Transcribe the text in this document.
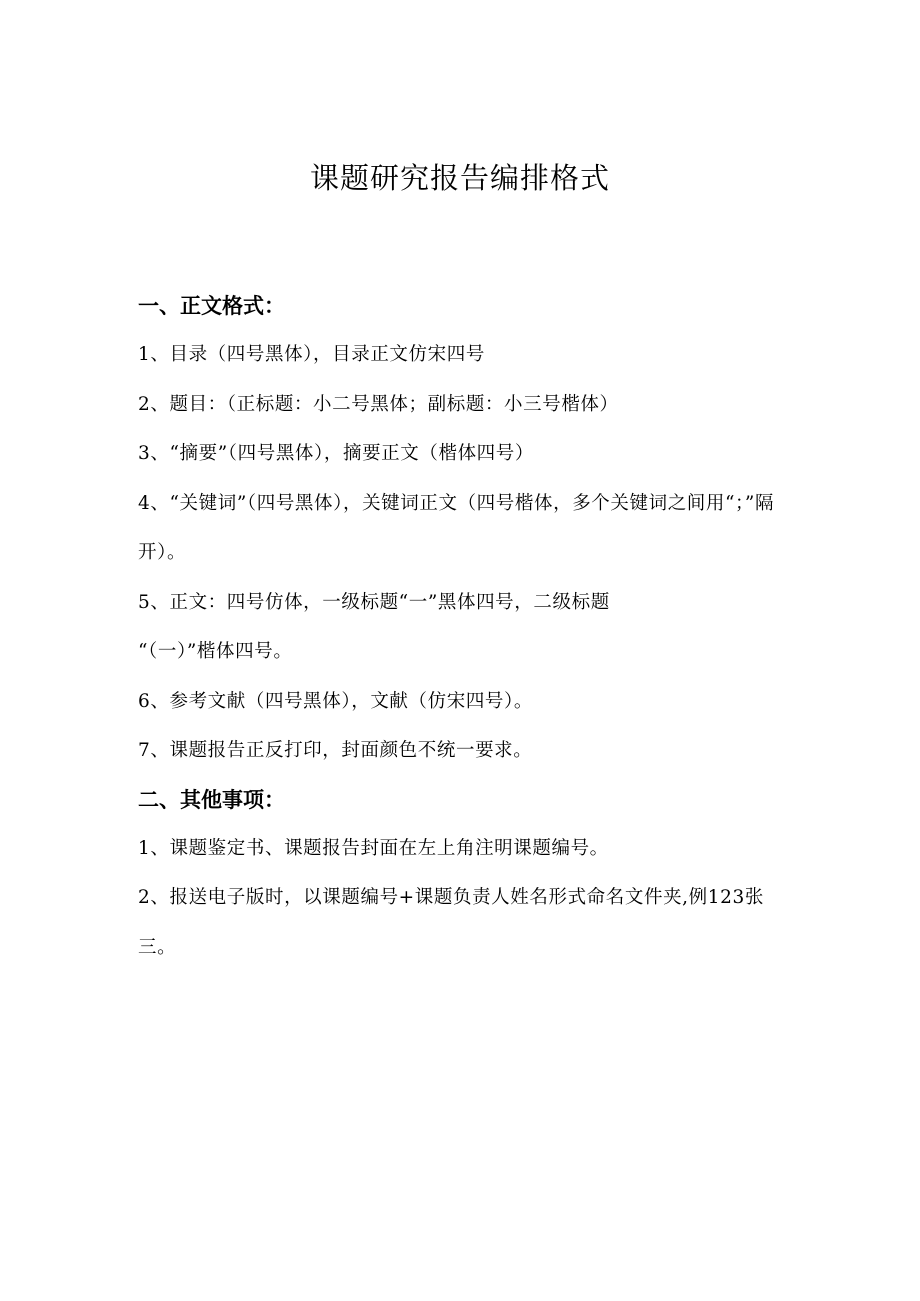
课题研究报告编排格式
一、正文格式：

1、目录（四号黑体），目录正文仿宋四号

2、题目：（正标题：小二号黑体；副标题：小三号楷体）

3、“摘要”（四号黑体），摘要正文（楷体四号）

4、“关键词”（四号黑体），关键词正文（四号楷体，多个关键词之间用“；”隔开）。

5、正文：四号仿体，一级标题“一”黑体四号，二级标题

“（一）”楷体四号。

6、参考文献（四号黑体），文献（仿宋四号）。

7、课题报告正反打印，封面颜色不统一要求。

二、其他事项：

1、课题鉴定书、课题报告封面在左上角注明课题编号。

2、报送电子版时，以课题编号+课题负责人姓名形式命名文件夹,例123张三。
